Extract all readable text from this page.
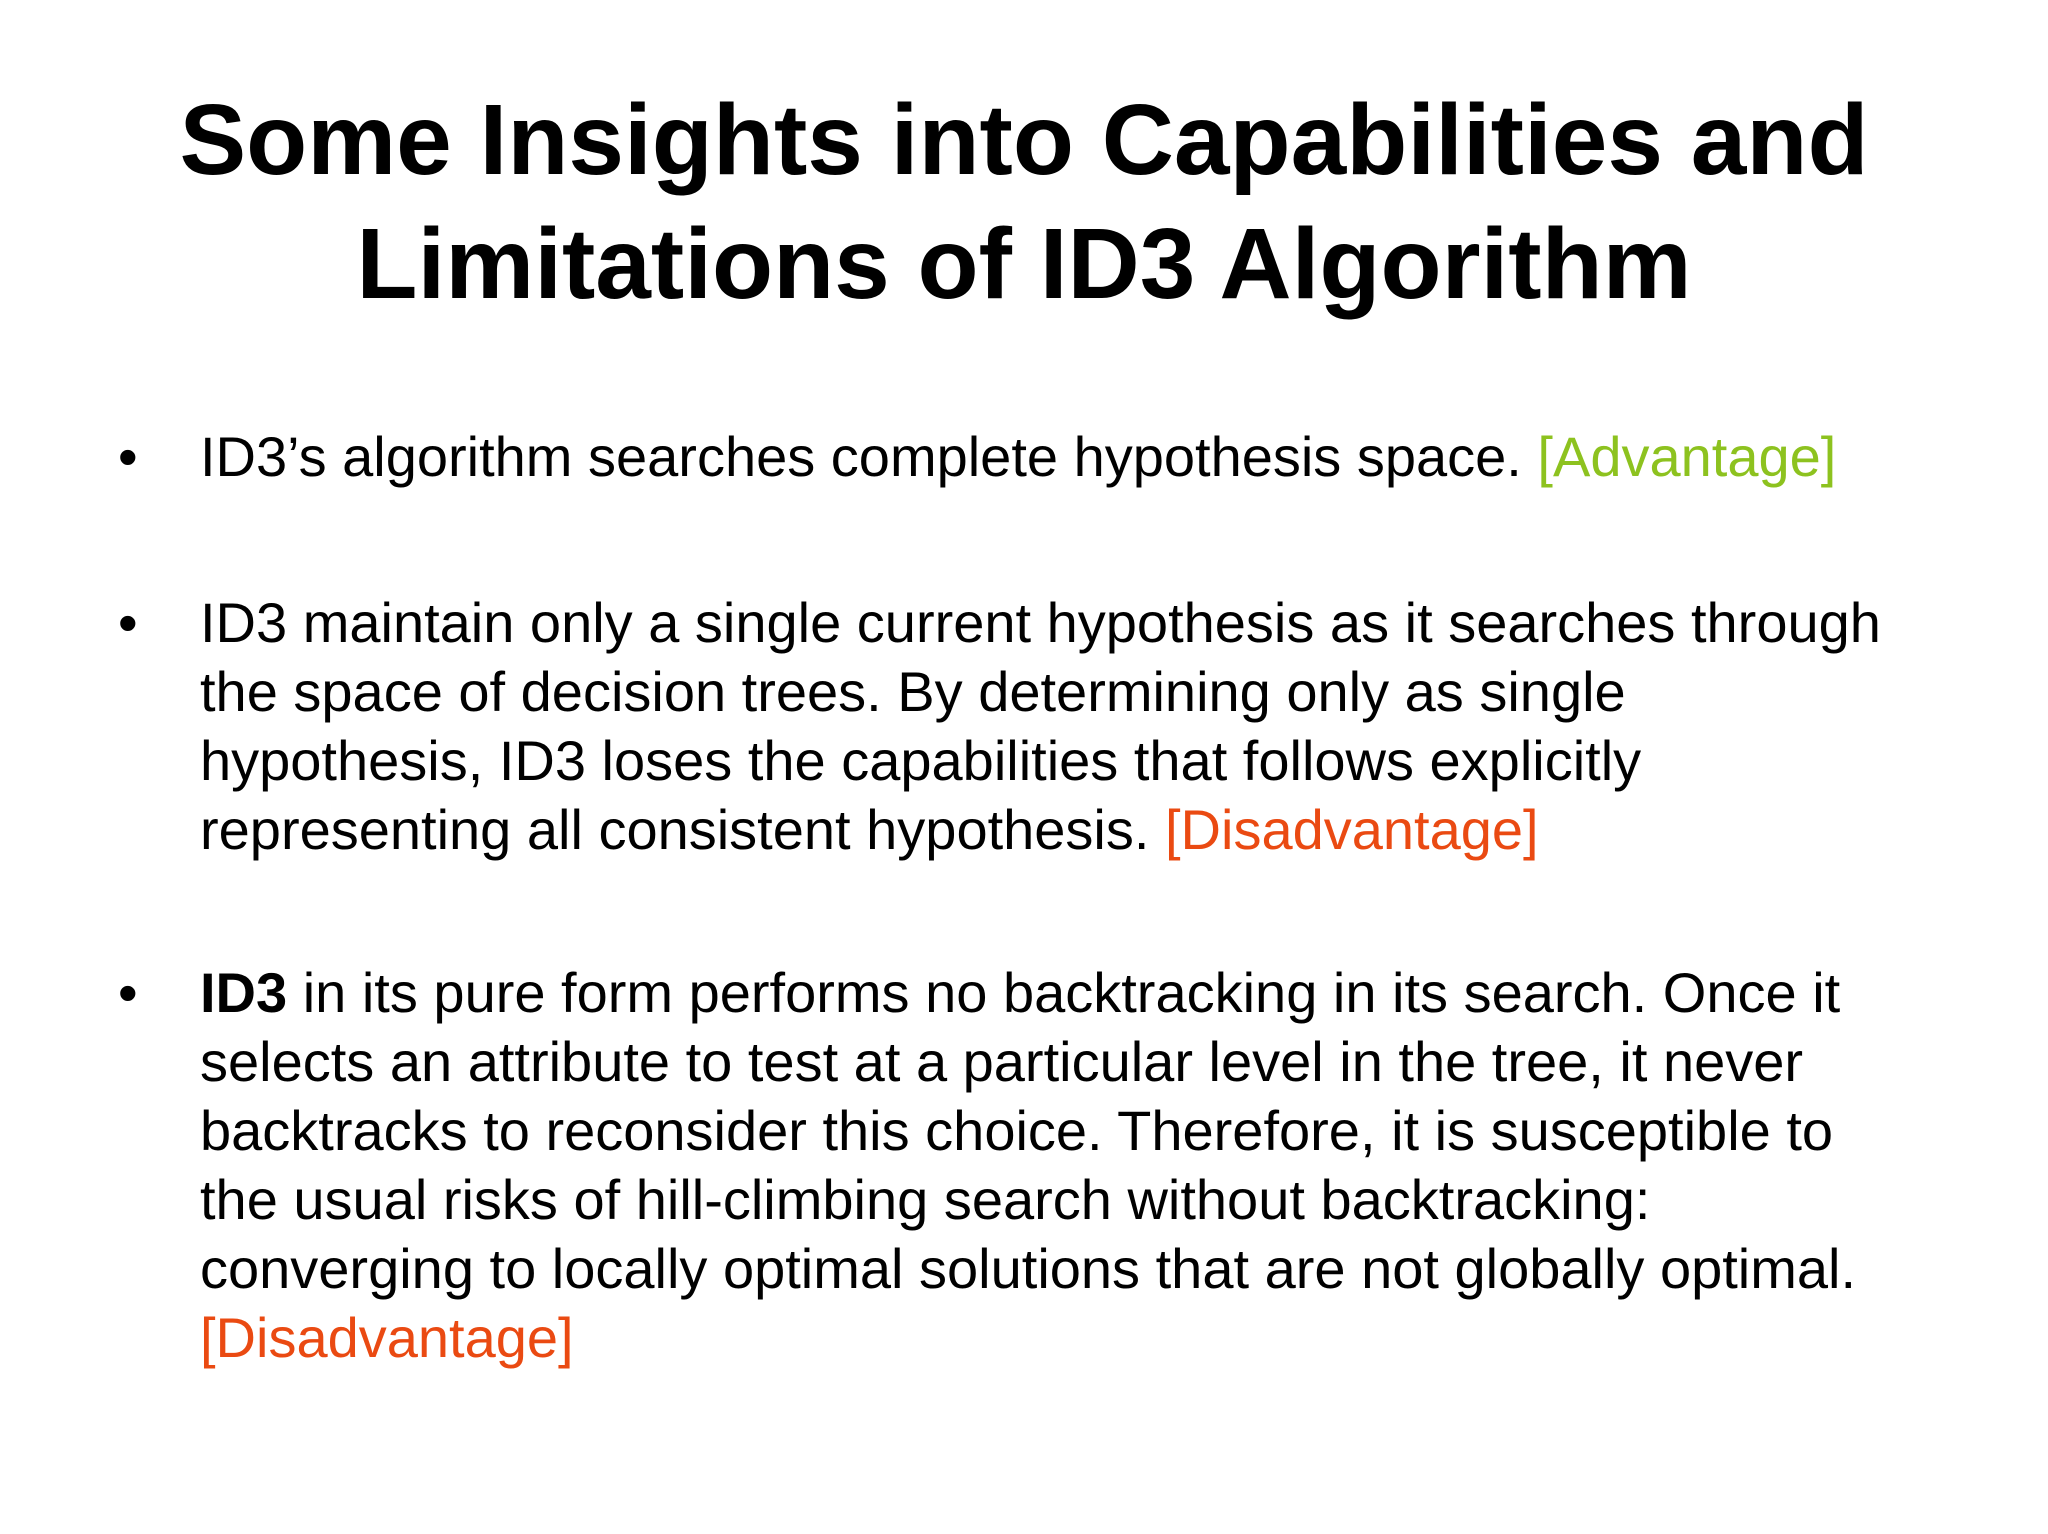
Some Insights into Capabilities and
Limitations of ID3 Algorithm
•	ID3’s algorithm searches complete hypothesis space. [Advantage]
•	ID3 maintain only a single current hypothesis as it searches through
the space of decision trees. By determining only as single
hypothesis, ID3 loses the capabilities that follows explicitly
representing all consistent hypothesis. [Disadvantage]
•	ID3 in its pure form performs no backtracking in its search. Once it
selects an attribute to test at a particular level in the tree, it never
backtracks to reconsider this choice. Therefore, it is susceptible to
the usual risks of hill-climbing search without backtracking:
converging to locally optimal solutions that are not globally optimal.
[Disadvantage]
